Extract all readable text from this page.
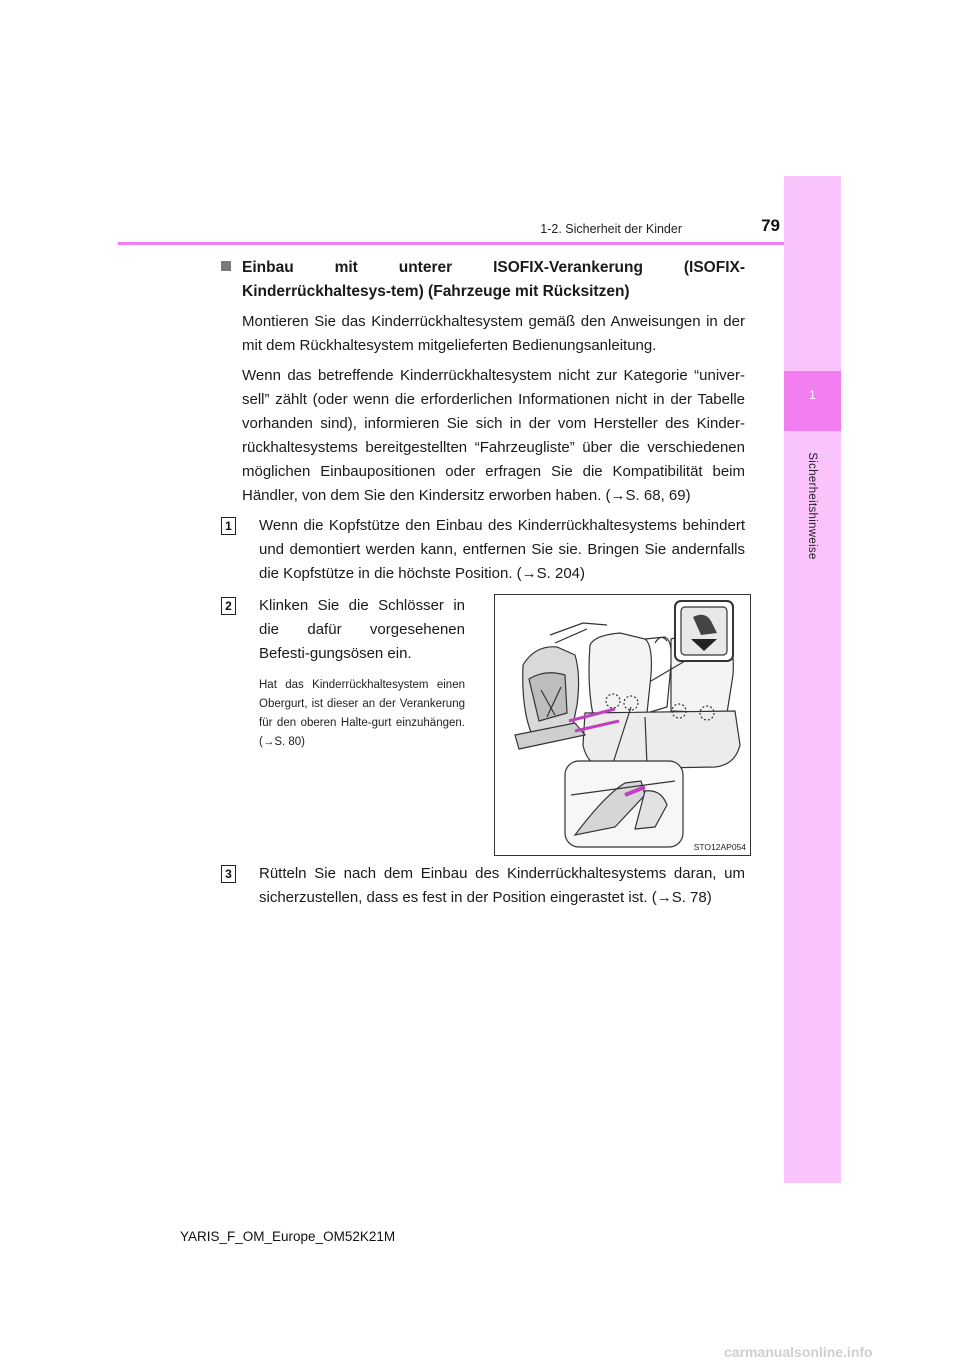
1
Sicherheitshinweise
1-2. Sicherheit der Kinder	79
Einbau mit unterer ISOFIX-Verankerung (ISOFIX-Kinderrückhaltesys-tem) (Fahrzeuge mit Rücksitzen)
Montieren Sie das Kinderrückhaltesystem gemäß den Anweisungen in der mit dem Rückhaltesystem mitgelieferten Bedienungsanleitung.
Wenn das betreffende Kinderrückhaltesystem nicht zur Kategorie “univer-sell” zählt (oder wenn die erforderlichen Informationen nicht in der Tabelle vorhanden sind), informieren Sie sich in der vom Hersteller des Kinder-rückhaltesystems bereitgestellten “Fahrzeugliste” über die verschiedenen möglichen Einbaupositionen oder erfragen Sie die Kompatibilität beim Händler, von dem Sie den Kindersitz erworben haben. (→S. 68, 69)
1 Wenn die Kopfstütze den Einbau des Kinderrückhaltesystems behindert und demontiert werden kann, entfernen Sie sie. Bringen Sie andernfalls die Kopfstütze in die höchste Position. (→S. 204)
2 Klinken Sie die Schlösser in die dafür vorgesehenen Befesti-gungsösen ein.
Hat das Kinderrückhaltesystem einen Obergurt, ist dieser an der Verankerung für den oberen Halte-gurt einzuhängen. (→S. 80)
STO12AP054
3 Rütteln Sie nach dem Einbau des Kinderrückhaltesystems daran, um sicherzustellen, dass es fest in der Position eingerastet ist. (→S. 78)
YARIS_F_OM_Europe_OM52K21M
carmanualsonline.info
